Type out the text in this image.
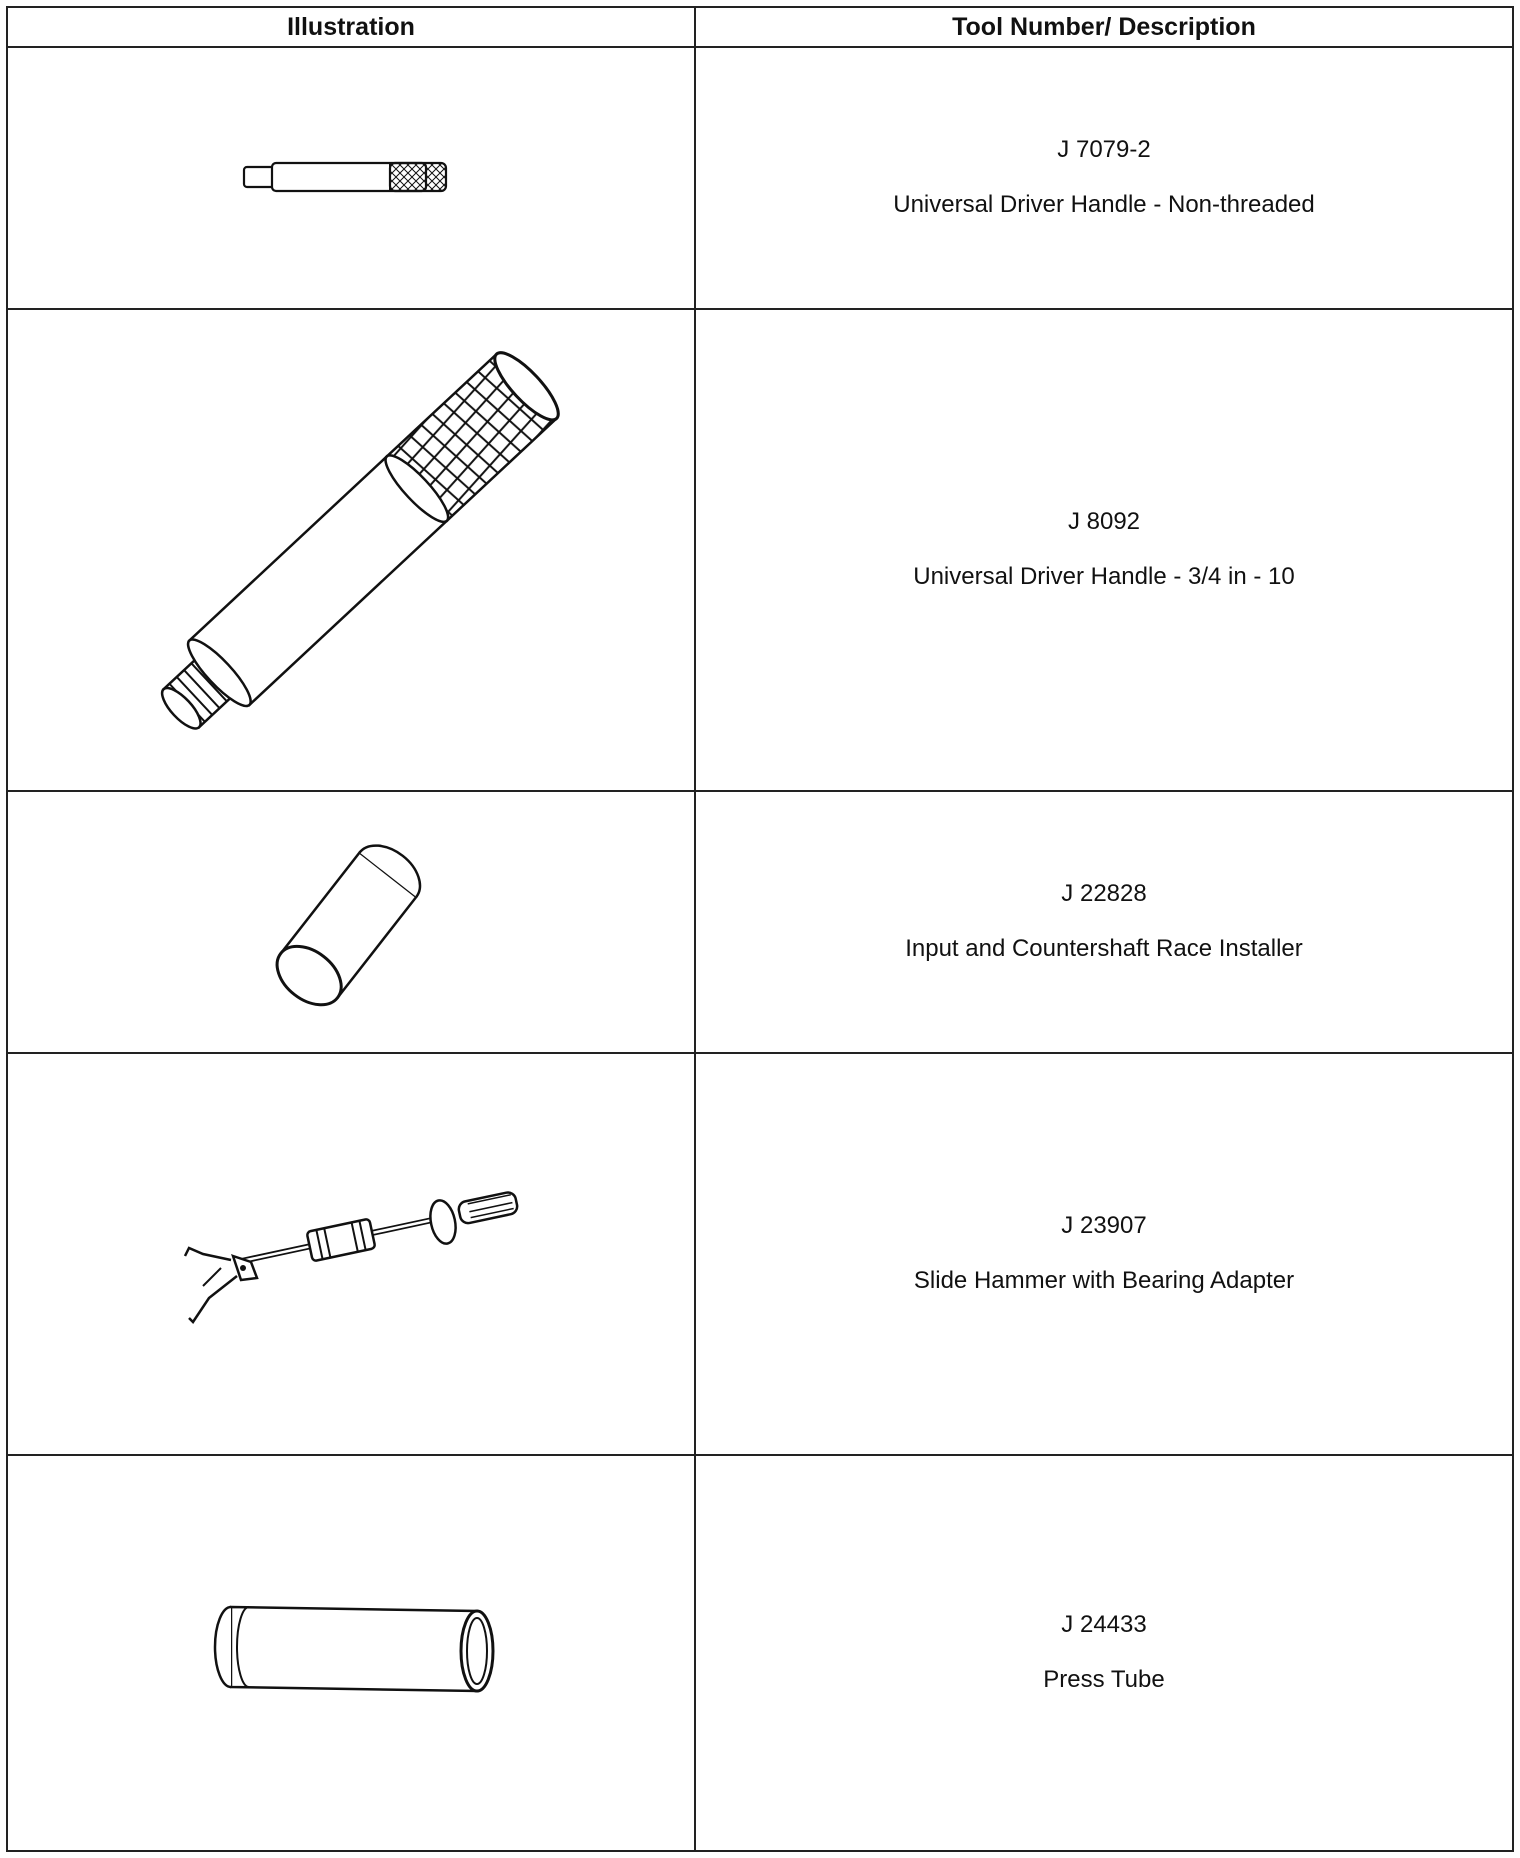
Illustration	Tool Number/ Description

J 7079-2
Universal Driver Handle - Non-threaded

J 8092
Universal Driver Handle - 3/4 in - 10

J 22828
Input and Countershaft Race Installer

J 23907
Slide Hammer with Bearing Adapter

J 24433
Press Tube
